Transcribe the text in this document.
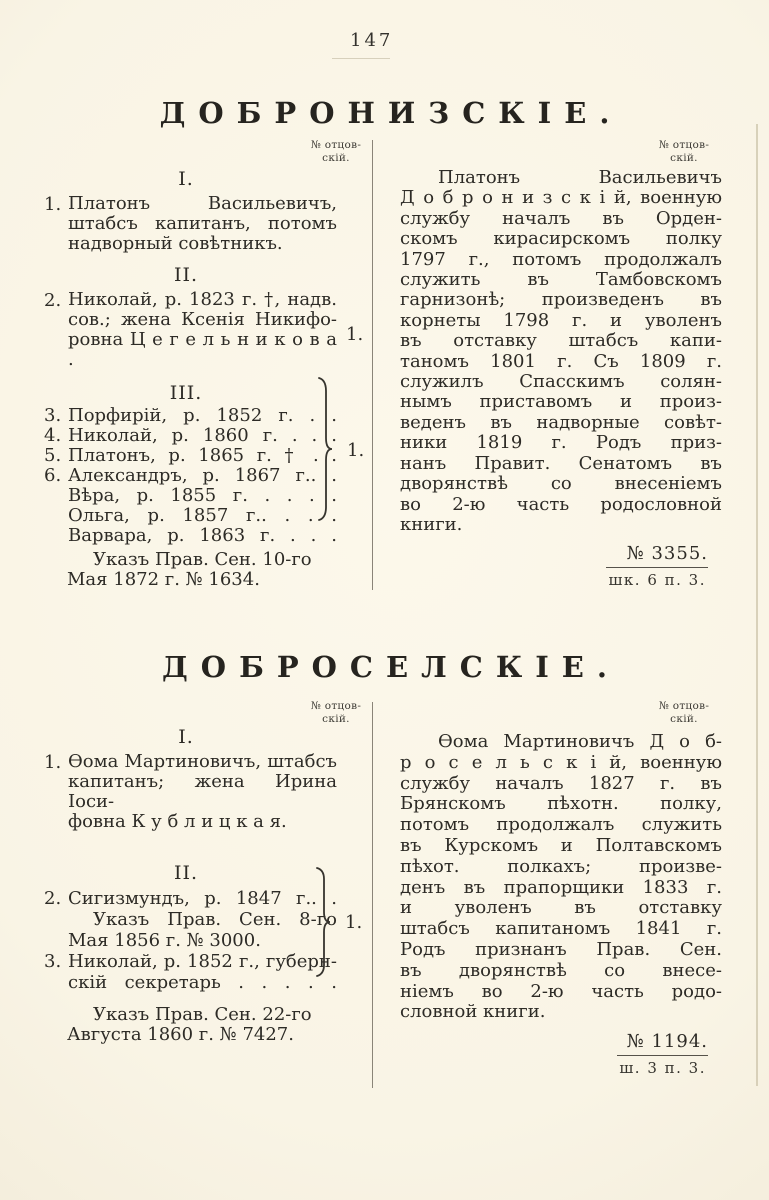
147
ДОБРОНИЗСКІЕ.
№ отцов-
скій.
№ отцов-
скій.
I.
1. Платонъ Васильевичъ,
штабсъ капитанъ, потомъ
надворный совѣтникъ.
II.
2. Николай, р. 1823 г. †, надв.
сов.; жена Ксенія Никифо-
ровна Ц е г е л ь н и к о в а .
III.
3. Порфирій, р. 1852 г. . .
4. Николай, р. 1860 г. . . .
5. Платонъ, р. 1865 г. † . .
6. Александръ, р. 1867 г.. .
Вѣра, р. 1855 г. . . . .
Ольга, р. 1857 г.. . . .
Варвара, р. 1863 г. . . .
Указъ Прав. Сен. 10-го
Мая 1872 г. № 1634.
1.
1.
Платонъ Васильевичъ
Д о б р о н и з с к і й, военную
службу началъ въ Орден-
скомъ кирасирскомъ полку
1797 г., потомъ продолжалъ
служить въ Тамбовскомъ
гарнизонѣ; произведенъ въ
корнеты 1798 г. и уволенъ
въ отставку штабсъ капи-
таномъ 1801 г. Съ 1809 г.
служилъ Спасскимъ солян-
нымъ приставомъ и произ-
веденъ въ надворные совѣт-
ники 1819 г. Родъ приз-
нанъ Правит. Сенатомъ въ
дворянствѣ со внесеніемъ
во 2-ю часть родословной
книги.
№ 3355.
шк. 6 п. 3.
ДОБРОСЕЛСКІЕ.
№ отцов-
скій.
№ отцов-
скій.
I.
1. Ѳома Мартиновичъ, штабсъ
капитанъ; жена Ирина Іоси-
фовна К у б л и ц к а я.
II.
2. Сигизмундъ, р. 1847 г.. .
Указъ Прав. Сен. 8-го
Мая 1856 г. № 3000.
3. Николай, р. 1852 г., губерн-
скій секретарь . . . . .
Указъ Прав. Сен. 22-го
Августа 1860 г. № 7427.
1.
Ѳома Мартиновичъ Д о б-
р о с е л ь с к і й, военную
службу началъ 1827 г. въ
Брянскомъ пѣхотн. полку,
потомъ продолжалъ служить
въ Курскомъ и Полтавскомъ
пѣхот. полкахъ; произве-
денъ въ прапорщики 1833 г.
и уволенъ въ отставку
штабсъ капитаномъ 1841 г.
Родъ признанъ Прав. Сен.
въ дворянствѣ со внесе-
ніемъ во 2-ю часть родо-
словной книги.
№ 1194.
ш. 3 п. 3.
